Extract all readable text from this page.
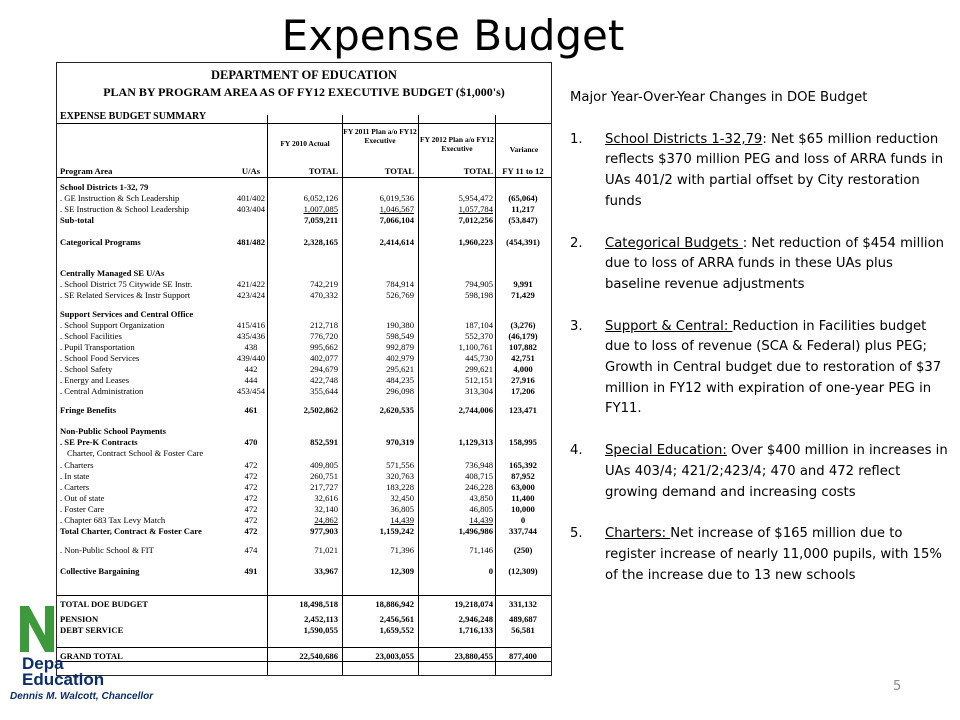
Expense Budget
DEPARTMENT OF EDUCATION
PLAN BY PROGRAM AREA AS OF FY12 EXECUTIVE BUDGET ($1,000's)
EXPENSE BUDGET SUMMARY
FY 2010 Actual
FY 2011 Plan a/o FY12 Executive	FY 2012 Plan a/o FY12 Executive	Variance
Program Area	U/As	TOTAL	TOTAL	TOTAL	FY 11 to 12
School Districts 1-32, 79
. GE Instruction & Sch Leadership	401/402	6,052,126	6,019,536	5,954,472	(65,064)
. SE Instruction & School Leadership	403/404	1,007,085	1,046,567	1,057,784	11,217
Sub-total	7,059,211	7,066,104	7,012,256	(53,847)
Categorical Programs	481/482	2,328,165	2,414,614	1,960,223	(454,391)
Centrally Managed SE U/As
. School District 75 Citywide SE Instr.	421/422	742,219	784,914	794,905	9,991
. SE Related Services & Instr Support	423/424	470,332	526,769	598,198	71,429
Support Services and Central Office
. School Support Organization	415/416	212,718	190,380	187,104	(3,276)
. School Facilities	435/436	776,720	598,549	552,370	(46,179)
. Pupil Transportation	438	995,662	992,879	1,100,761	107,882
. School Food Services	439/440	402,077	402,979	445,730	42,751
. School Safety	442	294,679	295,621	299,621	4,000
. Energy and Leases	444	422,748	484,235	512,151	27,916
. Central Administration	453/454	355,644	296,098	313,304	17,206
Fringe Benefits	461	2,502,862	2,620,535	2,744,006	123,471
Non-Public School Payments
. SE Pre-K Contracts	470	852,591	970,319	1,129,313	158,995
Charter, Contract School & Foster Care
. Charters	472	409,805	571,556	736,948	165,392
. In state	472	260,751	320,763	408,715	87,952
. Carters	472	217,727	183,228	246,228	63,000
. Out of state	472	32,616	32,450	43,850	11,400
. Foster Care	472	32,140	36,805	46,805	10,000
. Chapter 683 Tax Levy Match	472	24,862	14,439	14,439	0
Total Charter, Contract & Foster Care	472	977,903	1,159,242	1,496,986	337,744
. Non-Public School & FIT	474	71,021	71,396	71,146	(250)
Collective Bargaining	491	33,967	12,309	0	(12,309)
TOTAL DOE BUDGET	18,498,518	18,886,942	19,218,074	331,132
PENSION	2,452,113	2,456,561	2,946,248	489,687
DEBT SERVICE	1,590,055	1,659,552	1,716,133	56,581
GRAND TOTAL	22,540,686	23,003,055	23,880,455	877,400
Depa
Education
Dennis M. Walcott, Chancellor
Major Year-Over-Year Changes in DOE Budget
1. School Districts 1-32,79: Net $65 million reduction reflects $370 million PEG and loss of ARRA funds in UAs 401/2 with partial offset by City restoration funds
2. Categorical Budgets : Net reduction of $454 million due to loss of ARRA funds in these UAs plus baseline revenue adjustments
3. Support & Central: Reduction in Facilities budget due to loss of revenue (SCA & Federal) plus PEG; Growth in Central budget due to restoration of $37 million in FY12 with expiration of one-year PEG in FY11.
4. Special Education: Over $400 million in increases in UAs 403/4; 421/2;423/4; 470 and 472 reflect growing demand and increasing costs
5. Charters: Net increase of $165 million due to register increase of nearly 11,000 pupils, with 15% of the increase due to 13 new schools
5
